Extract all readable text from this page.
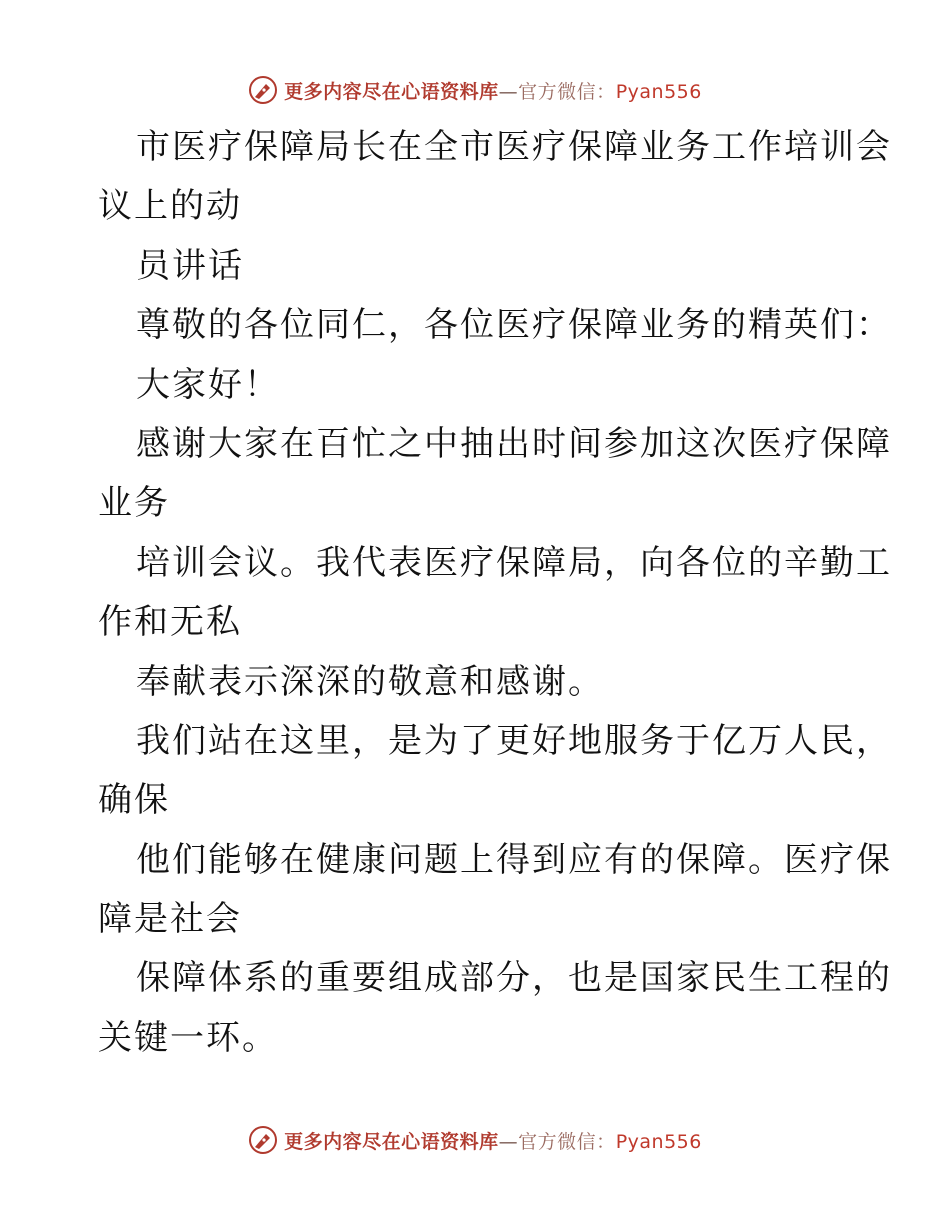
更多内容尽在心语资料库—官方微信：Pyan556
市医疗保障局长在全市医疗保障业务工作培训会
议上的动
员讲话
尊敬的各位同仁，各位医疗保障业务的精英们：
大家好！
感谢大家在百忙之中抽出时间参加这次医疗保障
业务
培训会议。我代表医疗保障局，向各位的辛勤工
作和无私
奉献表示深深的敬意和感谢。
我们站在这里，是为了更好地服务于亿万人民，
确保
他们能够在健康问题上得到应有的保障。医疗保
障是社会
保障体系的重要组成部分，也是国家民生工程的
关键一环。
更多内容尽在心语资料库—官方微信：Pyan556
